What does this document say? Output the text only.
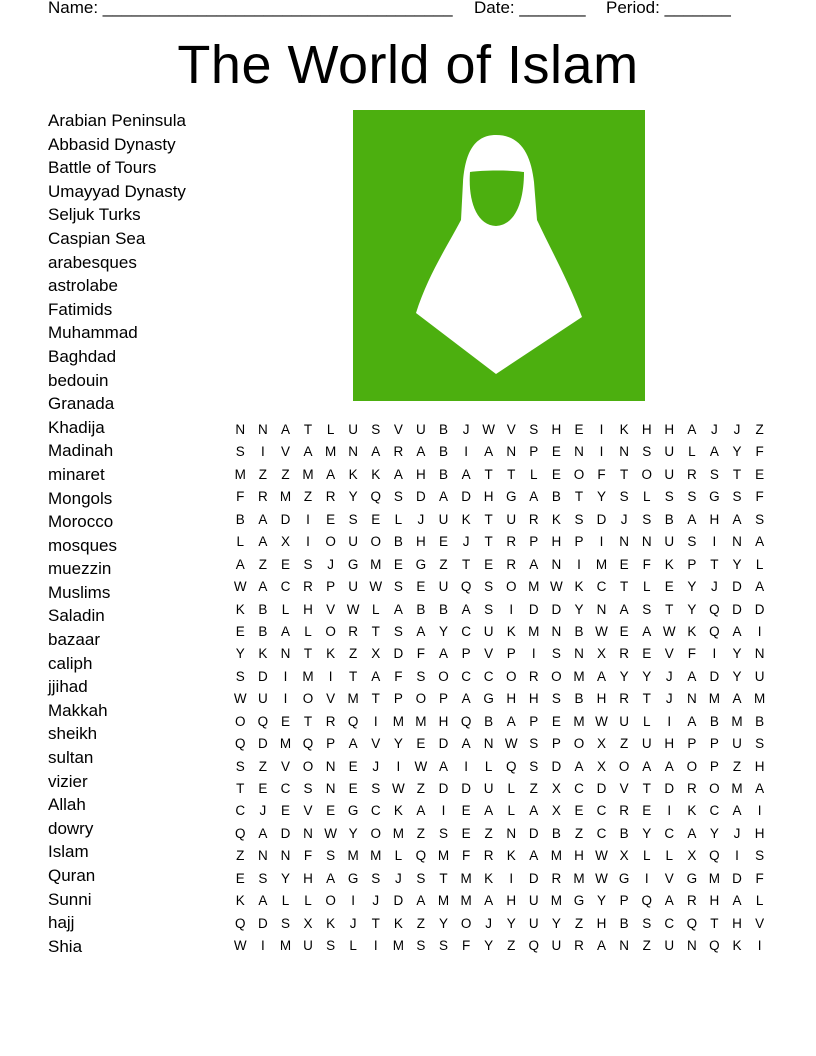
Name: _____________________________________ Date: _______ Period: _______
The World of Islam
Arabian Peninsula
Abbasid Dynasty
Battle of Tours
Umayyad Dynasty
Seljuk Turks
Caspian Sea
arabesques
astrolabe
Fatimids
Muhammad
Baghdad
bedouin
Granada
Khadija
Madinah
minaret
Mongols
Morocco
mosques
muezzin
Muslims
Saladin
bazaar
caliph
jjihad
Makkah
sheikh
sultan
vizier
Allah
dowry
Islam
Quran
Sunni
hajj
Shia
N N A	T	L	U S	V U B	J W V	S H E	I	K H H A	J	J	Z
S	I	V	A M N A R A	B	I	A N P	E N	I	N S U	L	A	Y	F
M Z	Z M A	K	K	A H B	A	T	T	L	E O F	T O U R S	T	E
F	R M Z	R Y Q S D A D H G A	B	T	Y	S	L	S	S G S	F
B	A D	I	E	S	E	L	J	U K	T	U R K	S D	J	S	B	A H A	S
L	A	X	I	O U O B H E	J	T	R P H P	I	N N U S	I	N A
A	Z	E	S	J	G M E G Z	T	E R A N	I	M E	F	K	P	T	Y	L
W A C R P U W S	E U Q S O M W K C	T	L	E	Y	J	D A
K	B	L	H V W L	A	B	B	A	S	I	D D Y N A	S	T	Y Q D D
E	B	A	L	O R	T	S	A	Y C U K M N B W E	A W K Q A	I
Y	K N	T	K	Z	X D	F	A	P	V	P	I	S N X R E	V	F	I	Y N
S D	I	M	I	T	A	F	S O C C O R O M A	Y	Y	J	A D Y U
W U	I	O V M T	P O P	A G H H S	B H R	T	J	N M A M
O Q E	T	R Q	I	M M H Q B	A	P	E M W U	L	I	A	B M B
Q D M Q P	A	V	Y	E D A N W S	P O X	Z	U H P	P U S
S	Z	V O N E	J	I	W A	I	L	Q S D A	X O A	A O P	Z	H
T	E C S N E	S W Z	D D U	L	Z	X C D V	T	D R O M A
C	J	E	V	E G C K	A	I	E	A	L	A	X	E C R E	I	K C A	I
Q A D N W Y O M Z	S	E	Z	N D B	Z	C B	Y C A	Y	J	H
Z	N N	F	S M M L	Q M F	R K	A M H W X	L	L	X Q	I	S
E	S	Y H A G S	J	S	T M K	I	D R M W G	I	V G M D	F
K	A	L	L	O	I	J	D A M M A H U M G Y	P Q A R H A	L
Q D S	X	K	J	T	K	Z	Y O	J	Y U Y	Z	H B	S C Q T	H V
W	I	M U S	L	I	M S	S	F	Y	Z Q U R A N	Z	U N Q K	I
